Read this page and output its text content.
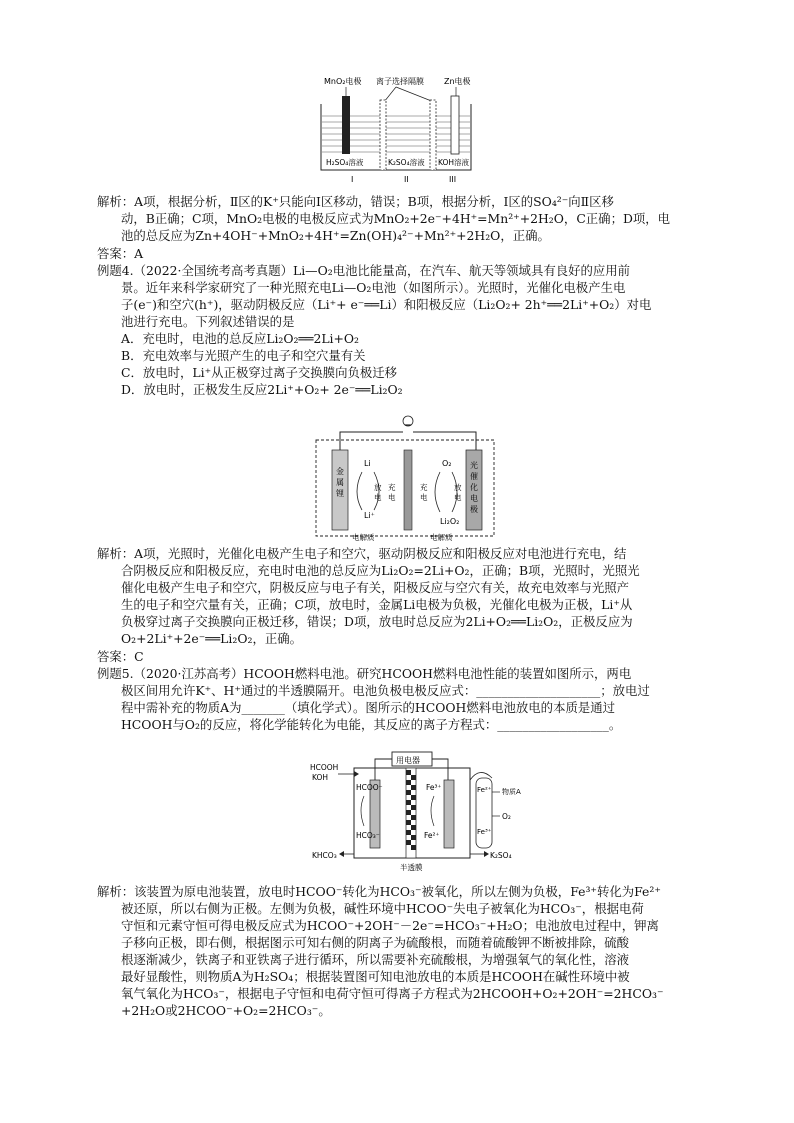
MnO₂电极 离子选择隔膜	Zn电极
H₂SO₄溶液	K₂SO₄溶液 KOH溶液
I	II	III
解析：A项，根据分析，Ⅱ区的K⁺只能向Ⅰ区移动，错误；B项，根据分析，Ⅰ区的SO₄²⁻向Ⅱ区移
动，B正确；C项，MnO₂电极的电极反应式为MnO₂+2e⁻+4H⁺=Mn²⁺+2H₂O，C正确；D项，电
池的总反应为Zn+4OH⁻+MnO₂+4H⁺=Zn(OH)₄²⁻+Mn²⁺+2H₂O，正确。
答案：A
例题4.（2022·全国统考高考真题）Li—O₂电池比能量高，在汽车、航天等领域具有良好的应用前
景。近年来科学家研究了一种光照充电Li—O₂电池（如图所示）。光照时，光催化电极产生电
子(e⁻)和空穴(h⁺)，驱动阴极反应（Li⁺+ e⁻══Li）和阳极反应（Li₂O₂+ 2h⁺══2Li⁺+O₂）对电
池进行充电。下列叙述错误的是
A．充电时，电池的总反应Li₂O₂══2Li+O₂
B．充电效率与光照产生的电子和空穴量有关
C．放电时，Li⁺从正极穿过离子交换膜向负极迁移
D．放电时，正极发生反应2Li⁺+O₂+ 2e⁻══Li₂O₂
金属锂
光催化电极
Li
Li⁺
放电
充电
O₂
Li₂O₂
充电
放电
电解质	电解质
解析：A项，光照时，光催化电极产生电子和空穴，驱动阴极反应和阳极反应对电池进行充电，结
合阴极反应和阳极反应，充电时电池的总反应为Li₂O₂=2Li+O₂，正确；B项，光照时，光照光
催化电极产生电子和空穴，阴极反应与电子有关，阳极反应与空穴有关，故充电效率与光照产
生的电子和空穴量有关，正确；C项，放电时，金属Li电极为负极，光催化电极为正极，Li⁺从
负极穿过离子交换膜向正极迁移，错误；D项，放电时总反应为2Li+O₂══Li₂O₂，正极反应为
O₂+2Li⁺+2e⁻══Li₂O₂，正确。
答案：C
例题5.（2020·江苏高考）HCOOH燃料电池。研究HCOOH燃料电池性能的装置如图所示，两电
极区间用允许K⁺、H⁺通过的半透膜隔开。电池负极电极反应式：____________________；放电过
程中需补充的物质A为_______（填化学式）。图所示的HCOOH燃料电池放电的本质是通过
HCOOH与O₂的反应，将化学能转化为电能，其反应的离子方程式：__________________。
用电器
HCOOH
KOH
HCOO⁻
HCO₃⁻
Fe³⁺
Fe²⁺
Fe²⁺
Fe³⁺
物质A
O₂
KHCO₃	K₂SO₄
半透膜
解析：该装置为原电池装置，放电时HCOO⁻转化为HCO₃⁻被氧化，所以左侧为负极，Fe³⁺转化为Fe²⁺
被还原，所以右侧为正极。左侧为负极，碱性环境中HCOO⁻失电子被氧化为HCO₃⁻，根据电荷
守恒和元素守恒可得电极反应式为HCOO⁻+2OH⁻－2e⁻=HCO₃⁻+H₂O；电池放电过程中，钾离
子移向正极，即右侧，根据图示可知右侧的阴离子为硫酸根，而随着硫酸钾不断被排除，硫酸
根逐渐减少，铁离子和亚铁离子进行循环，所以需要补充硫酸根，为增强氧气的氧化性，溶液
最好显酸性，则物质A为H₂SO₄；根据装置图可知电池放电的本质是HCOOH在碱性环境中被
氧气氧化为HCO₃⁻，根据电子守恒和电荷守恒可得离子方程式为2HCOOH+O₂+2OH⁻=2HCO₃⁻
+2H₂O或2HCOO⁻+O₂=2HCO₃⁻。
